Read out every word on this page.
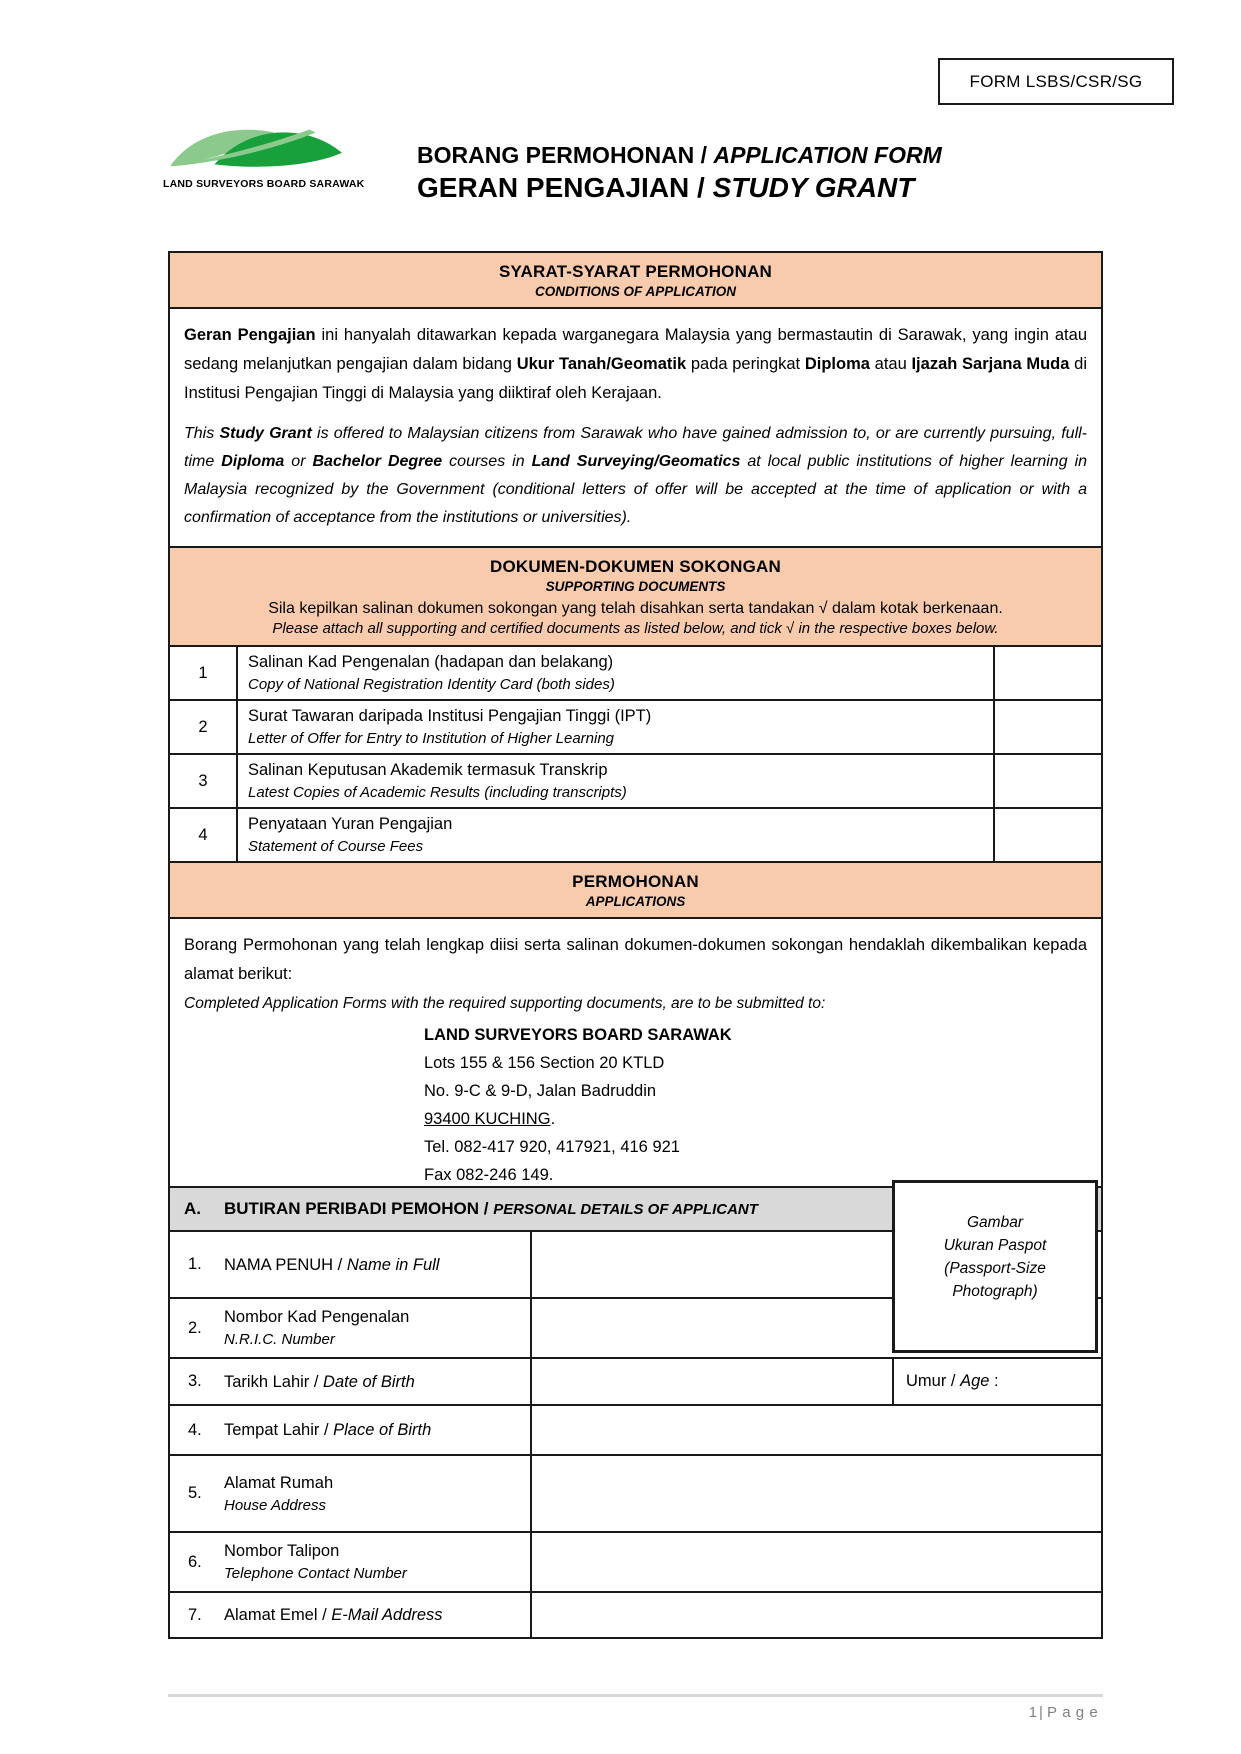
FORM LSBS/CSR/SG
LAND SURVEYORS BOARD SARAWAK
BORANG PERMOHONAN / APPLICATION FORM
GERAN PENGAJIAN / STUDY GRANT
SYARAT-SYARAT PERMOHONAN
CONDITIONS OF APPLICATION

Geran Pengajian ini hanyalah ditawarkan kepada warganegara Malaysia yang bermastautin di Sarawak, yang ingin atau sedang melanjutkan pengajian dalam bidang Ukur Tanah/Geomatik pada peringkat Diploma atau Ijazah Sarjana Muda di Institusi Pengajian Tinggi di Malaysia yang diiktiraf oleh Kerajaan.

This Study Grant is offered to Malaysian citizens from Sarawak who have gained admission to, or are currently pursuing, full-time Diploma or Bachelor Degree courses in Land Surveying/Geomatics at local public institutions of higher learning in Malaysia recognized by the Government (conditional letters of offer will be accepted at the time of application or with a confirmation of acceptance from the institutions or universities).

DOKUMEN-DOKUMEN SOKONGAN
SUPPORTING DOCUMENTS
Sila kepilkan salinan dokumen sokongan yang telah disahkan serta tandakan √ dalam kotak berkenaan.
Please attach all supporting and certified documents as listed below, and tick √ in the respective boxes below.
1
Salinan Kad Pengenalan (hadapan dan belakang)
Copy of National Registration Identity Card (both sides)
2
Surat Tawaran daripada Institusi Pengajian Tinggi (IPT)
Letter of Offer for Entry to Institution of Higher Learning
3
Salinan Keputusan Akademik termasuk Transkrip
Latest Copies of Academic Results (including transcripts)
4
Penyataan Yuran Pengajian
Statement of Course Fees
PERMOHONAN
APPLICATIONS

Borang Permohonan yang telah lengkap diisi serta salinan dokumen-dokumen sokongan hendaklah dikembalikan kepada alamat berikut:

Completed Application Forms with the required supporting documents, are to be submitted to:

LAND SURVEYORS BOARD SARAWAK
Lots 155 & 156 Section 20 KTLD
No. 9-C & 9-D, Jalan Badruddin
93400 KUCHING.
Tel. 082-417 920, 417921, 416 921
Fax 082-246 149.
A.	BUTIRAN PERIBADI PEMOHON / PERSONAL DETAILS OF APPLICANT
1.	NAMA PENUH / Name in Full
2.
Nombor Kad Pengenalan
N.R.I.C. Number
3.	Tarikh Lahir / Date of Birth	Umur / Age :
4.	Tempat Lahir / Place of Birth
5.
Alamat Rumah
House Address
6.
Nombor Talipon
Telephone Contact Number
7.	Alamat Emel / E-Mail Address
Gambar
Ukuran Paspot
(Passport-Size
Photograph)
1 | Page
